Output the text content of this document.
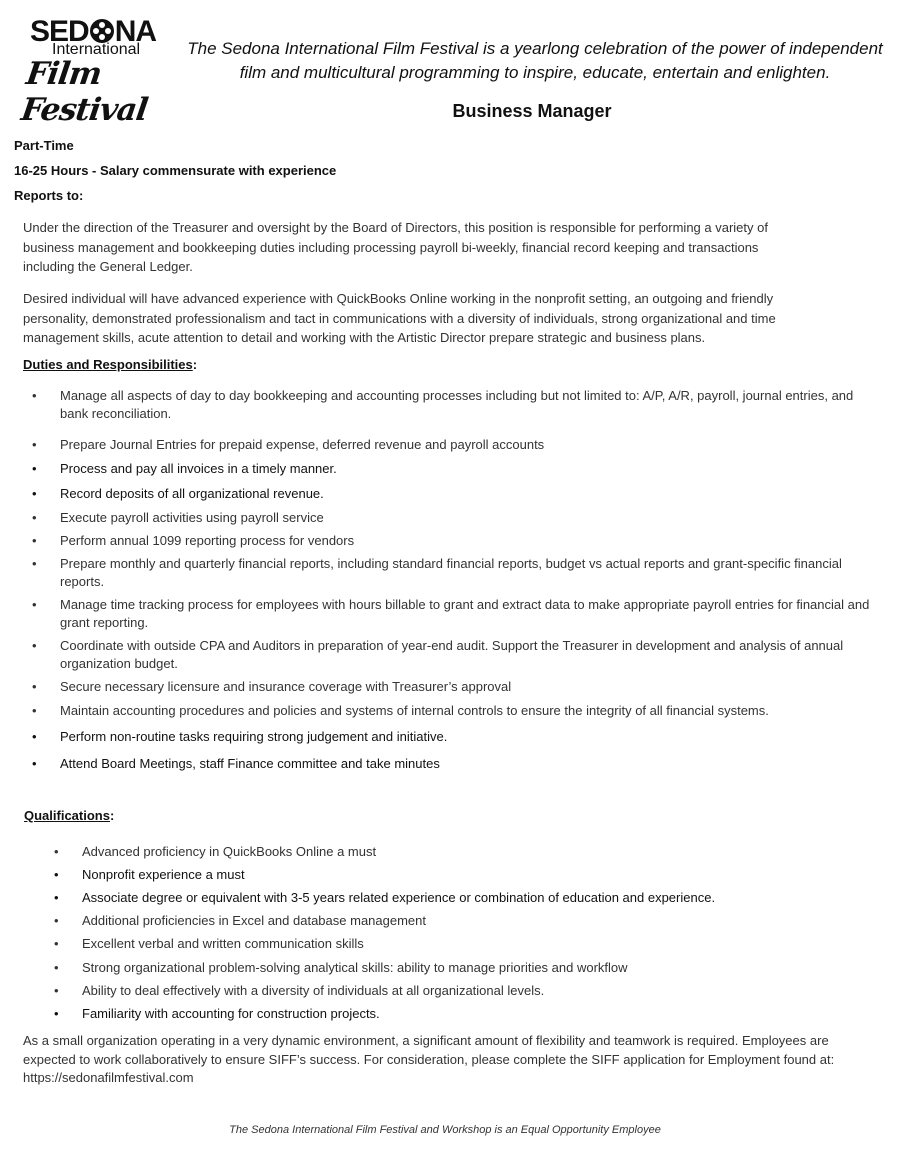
SED NA
International
Film Festival
The Sedona International Film Festival is a yearlong celebration of the power of independent film and multicultural programming to inspire, educate, entertain and enlighten.
Business Manager
Part-Time
16-25 Hours - Salary commensurate with experience
Reports to:
Under the direction of the Treasurer and oversight by the Board of Directors, this position is responsible for performing a variety of business management and bookkeeping duties including processing payroll bi-weekly, financial record keeping and transactions including the General Ledger.
Desired individual will have advanced experience with QuickBooks Online working in the nonprofit setting, an outgoing and friendly personality, demonstrated professionalism and tact in communications with a diversity of individuals, strong organizational and time management skills, acute attention to detail and working with the Artistic Director prepare strategic and business plans.
Duties and Responsibilities:
• Manage all aspects of day to day bookkeeping and accounting processes including but not limited to: A/P, A/R, payroll, journal entries, and bank reconciliation.
• Prepare Journal Entries for prepaid expense, deferred revenue and payroll accounts
• Process and pay all invoices in a timely manner.
• Record deposits of all organizational revenue.
• Execute payroll activities using payroll service
• Perform annual 1099 reporting process for vendors
• Prepare monthly and quarterly financial reports, including standard financial reports, budget vs actual reports and grant-specific financial reports.
• Manage time tracking process for employees with hours billable to grant and extract data to make appropriate payroll entries for financial and grant reporting.
• Coordinate with outside CPA and Auditors in preparation of year-end audit. Support the Treasurer in development and analysis of annual organization budget.
• Secure necessary licensure and insurance coverage with Treasurer’s approval
• Maintain accounting procedures and policies and systems of internal controls to ensure the integrity of all financial systems.
• Perform non-routine tasks requiring strong judgement and initiative.
• Attend Board Meetings, staff Finance committee and take minutes
Qualifications:
• Advanced proficiency in QuickBooks Online a must
• Nonprofit experience a must
• Associate degree or equivalent with 3-5 years related experience or combination of education and experience.
• Additional proficiencies in Excel and database management
• Excellent verbal and written communication skills
• Strong organizational problem-solving analytical skills: ability to manage priorities and workflow
• Ability to deal effectively with a diversity of individuals at all organizational levels.
• Familiarity with accounting for construction projects.
As a small organization operating in a very dynamic environment, a significant amount of flexibility and teamwork is required. Employees are expected to work collaboratively to ensure SIFF’s success. For consideration, please complete the SIFF application for Employment found at: https://sedonafilmfestival.com
The Sedona International Film Festival and Workshop is an Equal Opportunity Employee
